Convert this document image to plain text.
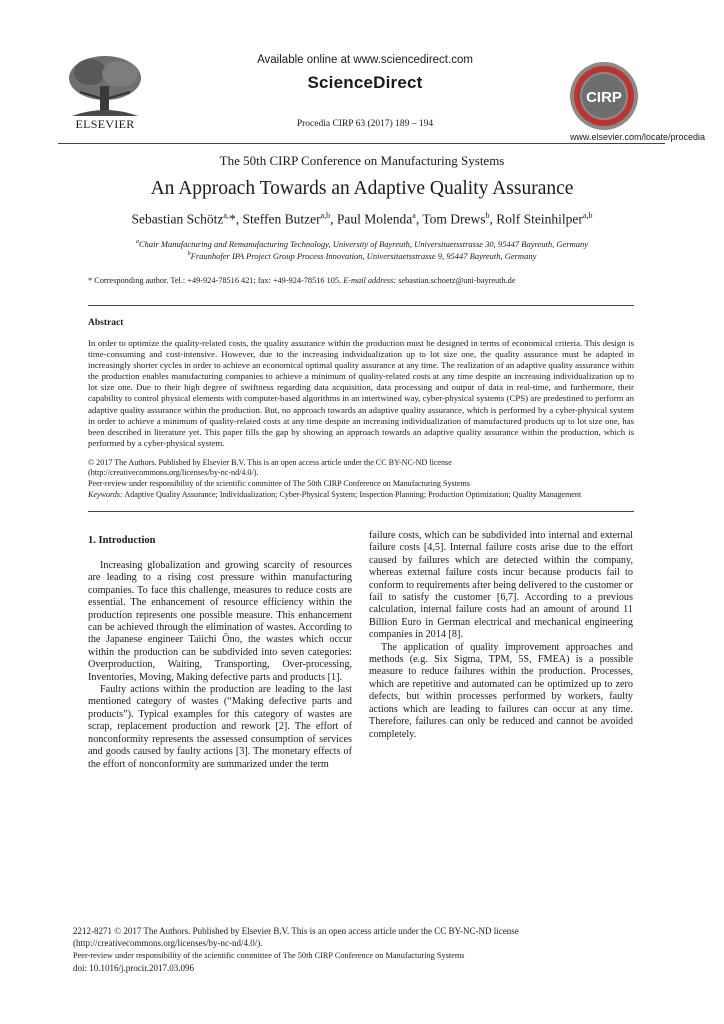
ELSEVIER
Available online at www.sciencedirect.com
ScienceDirect
Procedia CIRP 63 (2017) 189 – 194
CIRP
www.elsevier.com/locate/procedia
The 50th CIRP Conference on Manufacturing Systems
An Approach Towards an Adaptive Quality Assurance
Sebastian Schötz$^{a,}$*, Steffen Butzer$^{a,b}$, Paul Molenda$^a$, Tom Drews$^b$, Rolf Steinhilper$^{a,b}$
$^a$Chair Manufacturing and Remanufacturing Technology, University of Bayreuth, Universitaetsstrasse 30, 95447 Bayreuth, Germany
$^b$Fraunhofer IPA Project Group Process Innovation, Universitaetsstrasse 9, 95447 Bayreuth, Germany
* Corresponding author. Tel.: +49-924-78516 421; fax: +49-924-78516 105. E-mail address: sebastian.schoetz@uni-bayreuth.de
Abstract

In order to optimize the quality-related costs, the quality assurance within the production must be designed in terms of economical criteria. This design is time-consuming and cost-intensive. However, due to the increasing individualization up to lot size one, the quality assurance must be adapted in increasingly shorter cycles in order to achieve an economical optimal quality assurance at any time. The realization of an adaptive quality assurance within the production enables manufacturing companies to achieve a minimum of quality-related costs at any time despite an increasing individualization up to lot size one. Due to their high degree of swiftness regarding data acquisition, data processing and output of data in real-time, and furthermore, their capability to control physical elements with computer-based algorithms in an intertwined way, cyber-physical systems (CPS) are predestined to perform an adaptive quality assurance within the production. But, no approach towards an adaptive quality assurance, which is performed by a cyber-physical system in order to achieve a minimum of quality-related costs at any time despite an increasing individualization of manufactured products up to lot size one, has been described in literature yet. This paper fills the gap by showing an approach towards an adaptive quality assurance within the production, which is performed by a cyber-physical system.

© 2017 The Authors. Published by Elsevier B.V. This is an open access article under the CC BY-NC-ND license
(http://creativecommons.org/licenses/by-nc-nd/4.0/).
Peer-review under responsibility of the scientific committee of The 50th CIRP Conference on Manufacturing Systems
Keywords: Adaptive Quality Assurance; Individualization; Cyber-Physical System; Inspection Planning; Production Optimization; Quality Management
1. Introduction

Increasing globalization and growing scarcity of resources are leading to a rising cost pressure within manufacturing companies. To face this challenge, measures to reduce costs are essential. The enhancement of resource efficiency within the production represents one possible measure. This enhancement can be achieved through the elimination of wastes. According to the Japanese engineer Taiichi Ōno, the wastes which occur within the production can be subdivided into seven categories: Overproduction, Waiting, Transporting, Over-processing, Inventories, Moving, Making defective parts and products [1].

Faulty actions within the production are leading to the last mentioned category of wastes (“Making defective parts and products”). Typical examples for this category of wastes are scrap, replacement production and rework [2]. The effort of nonconformity represents the assessed consumption of services and goods caused by faulty actions [3]. The monetary effects of the effort of nonconformity are summarized under the term

failure costs, which can be subdivided into internal and external failure costs [4,5]. Internal failure costs arise due to the effort caused by failures which are detected within the company, whereas external failure costs incur because products fail to conform to requirements after being delivered to the customer or fail to satisfy the customer [6,7]. According to a previous calculation, internal failure costs had an amount of around 11 Billion Euro in German electrical and mechanical engineering companies in 2014 [8].

The application of quality improvement approaches and methods (e.g. Six Sigma, TPM, 5S, FMEA) is a possible measure to reduce failures within the production. Processes, which are repetitive and automated can be optimized up to zero defects, but within processes performed by workers, faulty actions which are leading to failures can occur at any time. Therefore, failures can only be reduced and cannot be avoided completely.

2212-8271 © 2017 The Authors. Published by Elsevier B.V. This is an open access article under the CC BY-NC-ND license
(http://creativecommons.org/licenses/by-nc-nd/4.0/).
Peer-review under responsibility of the scientific committee of The 50th CIRP Conference on Manufacturing Systems
doi: 10.1016/j.procir.2017.03.096
